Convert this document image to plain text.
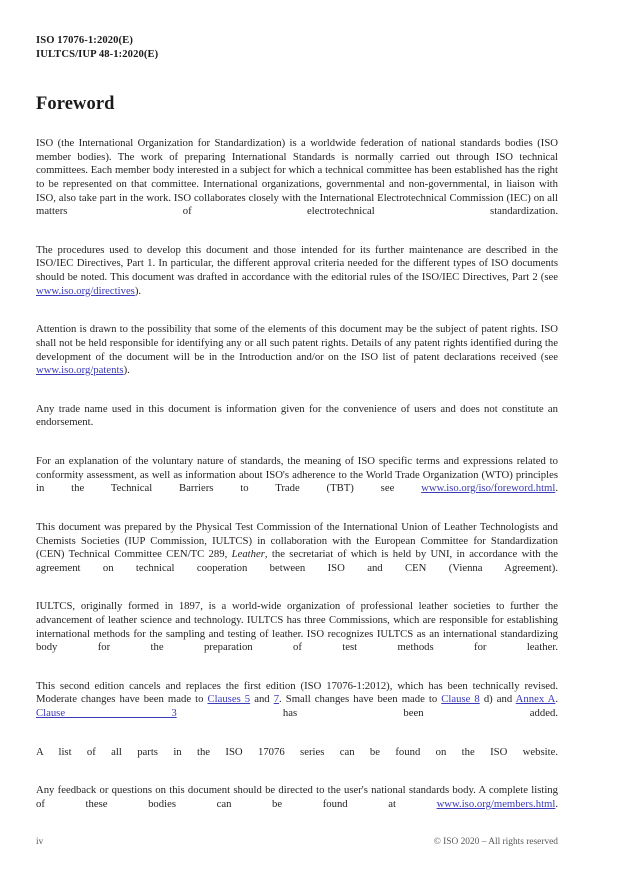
ISO 17076-1:2020(E)
IULTCS/IUP 48-1:2020(E)
Foreword

ISO (the International Organization for Standardization) is a worldwide federation of national standards bodies (ISO member bodies). The work of preparing International Standards is normally carried out through ISO technical committees. Each member body interested in a subject for which a technical committee has been established has the right to be represented on that committee. International organizations, governmental and non-governmental, in liaison with ISO, also take part in the work. ISO collaborates closely with the International Electrotechnical Commission (IEC) on all matters of electrotechnical standardization.

The procedures used to develop this document and those intended for its further maintenance are described in the ISO/IEC Directives, Part 1. In particular, the different approval criteria needed for the different types of ISO documents should be noted. This document was drafted in accordance with the editorial rules of the ISO/IEC Directives, Part 2 (see www.iso.org/directives).

Attention is drawn to the possibility that some of the elements of this document may be the subject of patent rights. ISO shall not be held responsible for identifying any or all such patent rights. Details of any patent rights identified during the development of the document will be in the Introduction and/or on the ISO list of patent declarations received (see www.iso.org/patents).

Any trade name used in this document is information given for the convenience of users and does not constitute an endorsement.

For an explanation of the voluntary nature of standards, the meaning of ISO specific terms and expressions related to conformity assessment, as well as information about ISO's adherence to the World Trade Organization (WTO) principles in the Technical Barriers to Trade (TBT) see www.iso.org/iso/foreword.html.

This document was prepared by the Physical Test Commission of the International Union of Leather Technologists and Chemists Societies (IUP Commission, IULTCS) in collaboration with the European Committee for Standardization (CEN) Technical Committee CEN/TC 289, Leather, the secretariat of which is held by UNI, in accordance with the agreement on technical cooperation between ISO and CEN (Vienna Agreement).

IULTCS, originally formed in 1897, is a world-wide organization of professional leather societies to further the advancement of leather science and technology. IULTCS has three Commissions, which are responsible for establishing international methods for the sampling and testing of leather. ISO recognizes IULTCS as an international standardizing body for the preparation of test methods for leather.

This second edition cancels and replaces the first edition (ISO 17076-1:2012), which has been technically revised. Moderate changes have been made to Clauses 5 and 7. Small changes have been made to Clause 8 d) and Annex A. Clause 3 has been added.

A list of all parts in the ISO 17076 series can be found on the ISO website.

Any feedback or questions on this document should be directed to the user's national standards body. A complete listing of these bodies can be found at www.iso.org/members.html.

iv	© ISO 2020 – All rights reserved
